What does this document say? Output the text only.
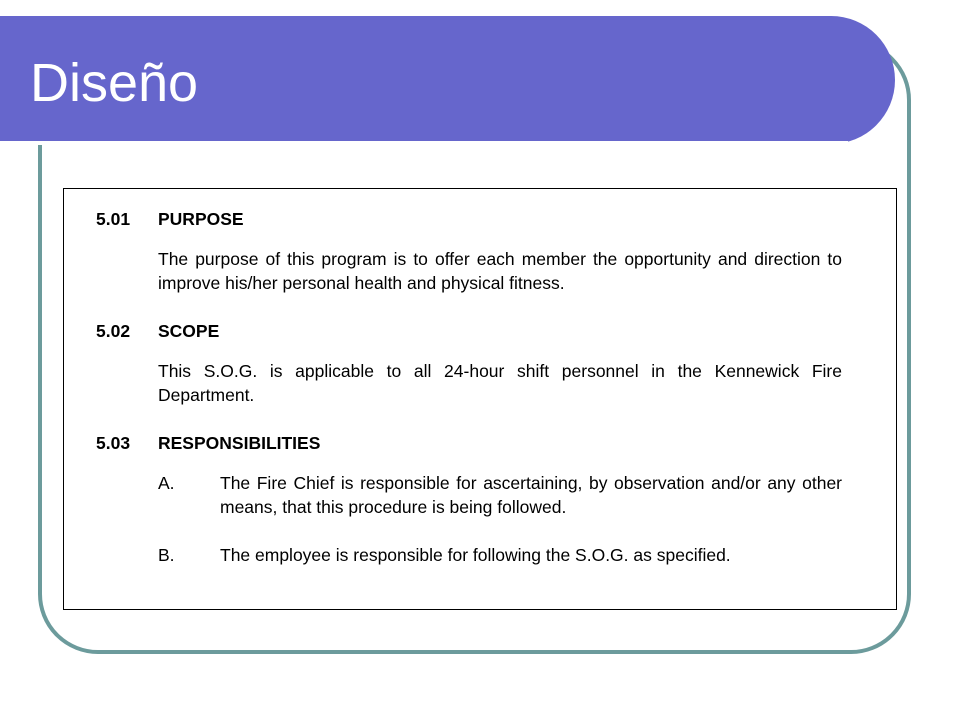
Diseño
5.01	PURPOSE
The purpose of this program is to offer each member the opportunity and direction to improve his/her personal health and physical fitness.
5.02	SCOPE
This S.O.G. is applicable to all 24-hour shift personnel in the Kennewick Fire Department.
5.03	RESPONSIBILITIES
A.	The Fire Chief is responsible for ascertaining, by observation and/or any other means, that this procedure is being followed.
B.	The employee is responsible for following the S.O.G. as specified.
